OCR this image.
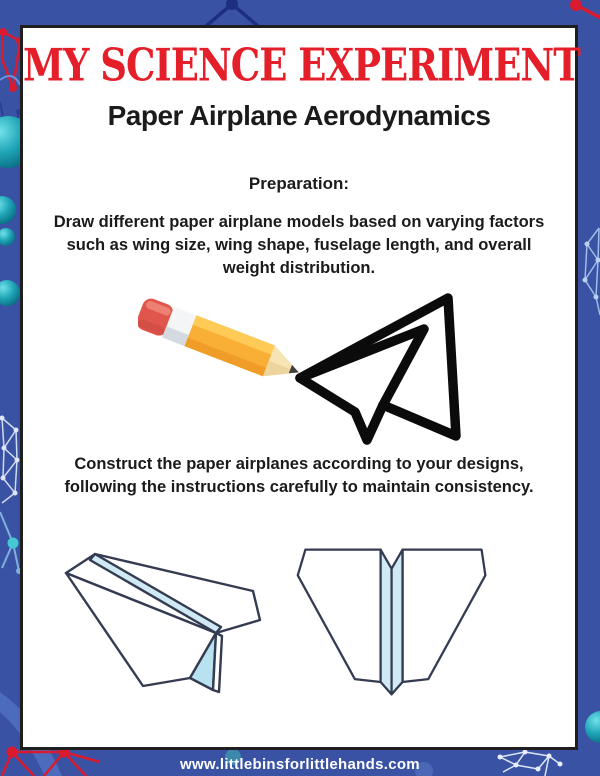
MY SCIENCE EXPERIMENT
Paper Airplane Aerodynamics
Preparation:
Draw different paper airplane models based on varying factors such as wing size, wing shape, fuselage length, and overall weight distribution.
Construct the paper airplanes according to your designs, following the instructions carefully to maintain consistency.
www.littlebinsforlittlehands.com
